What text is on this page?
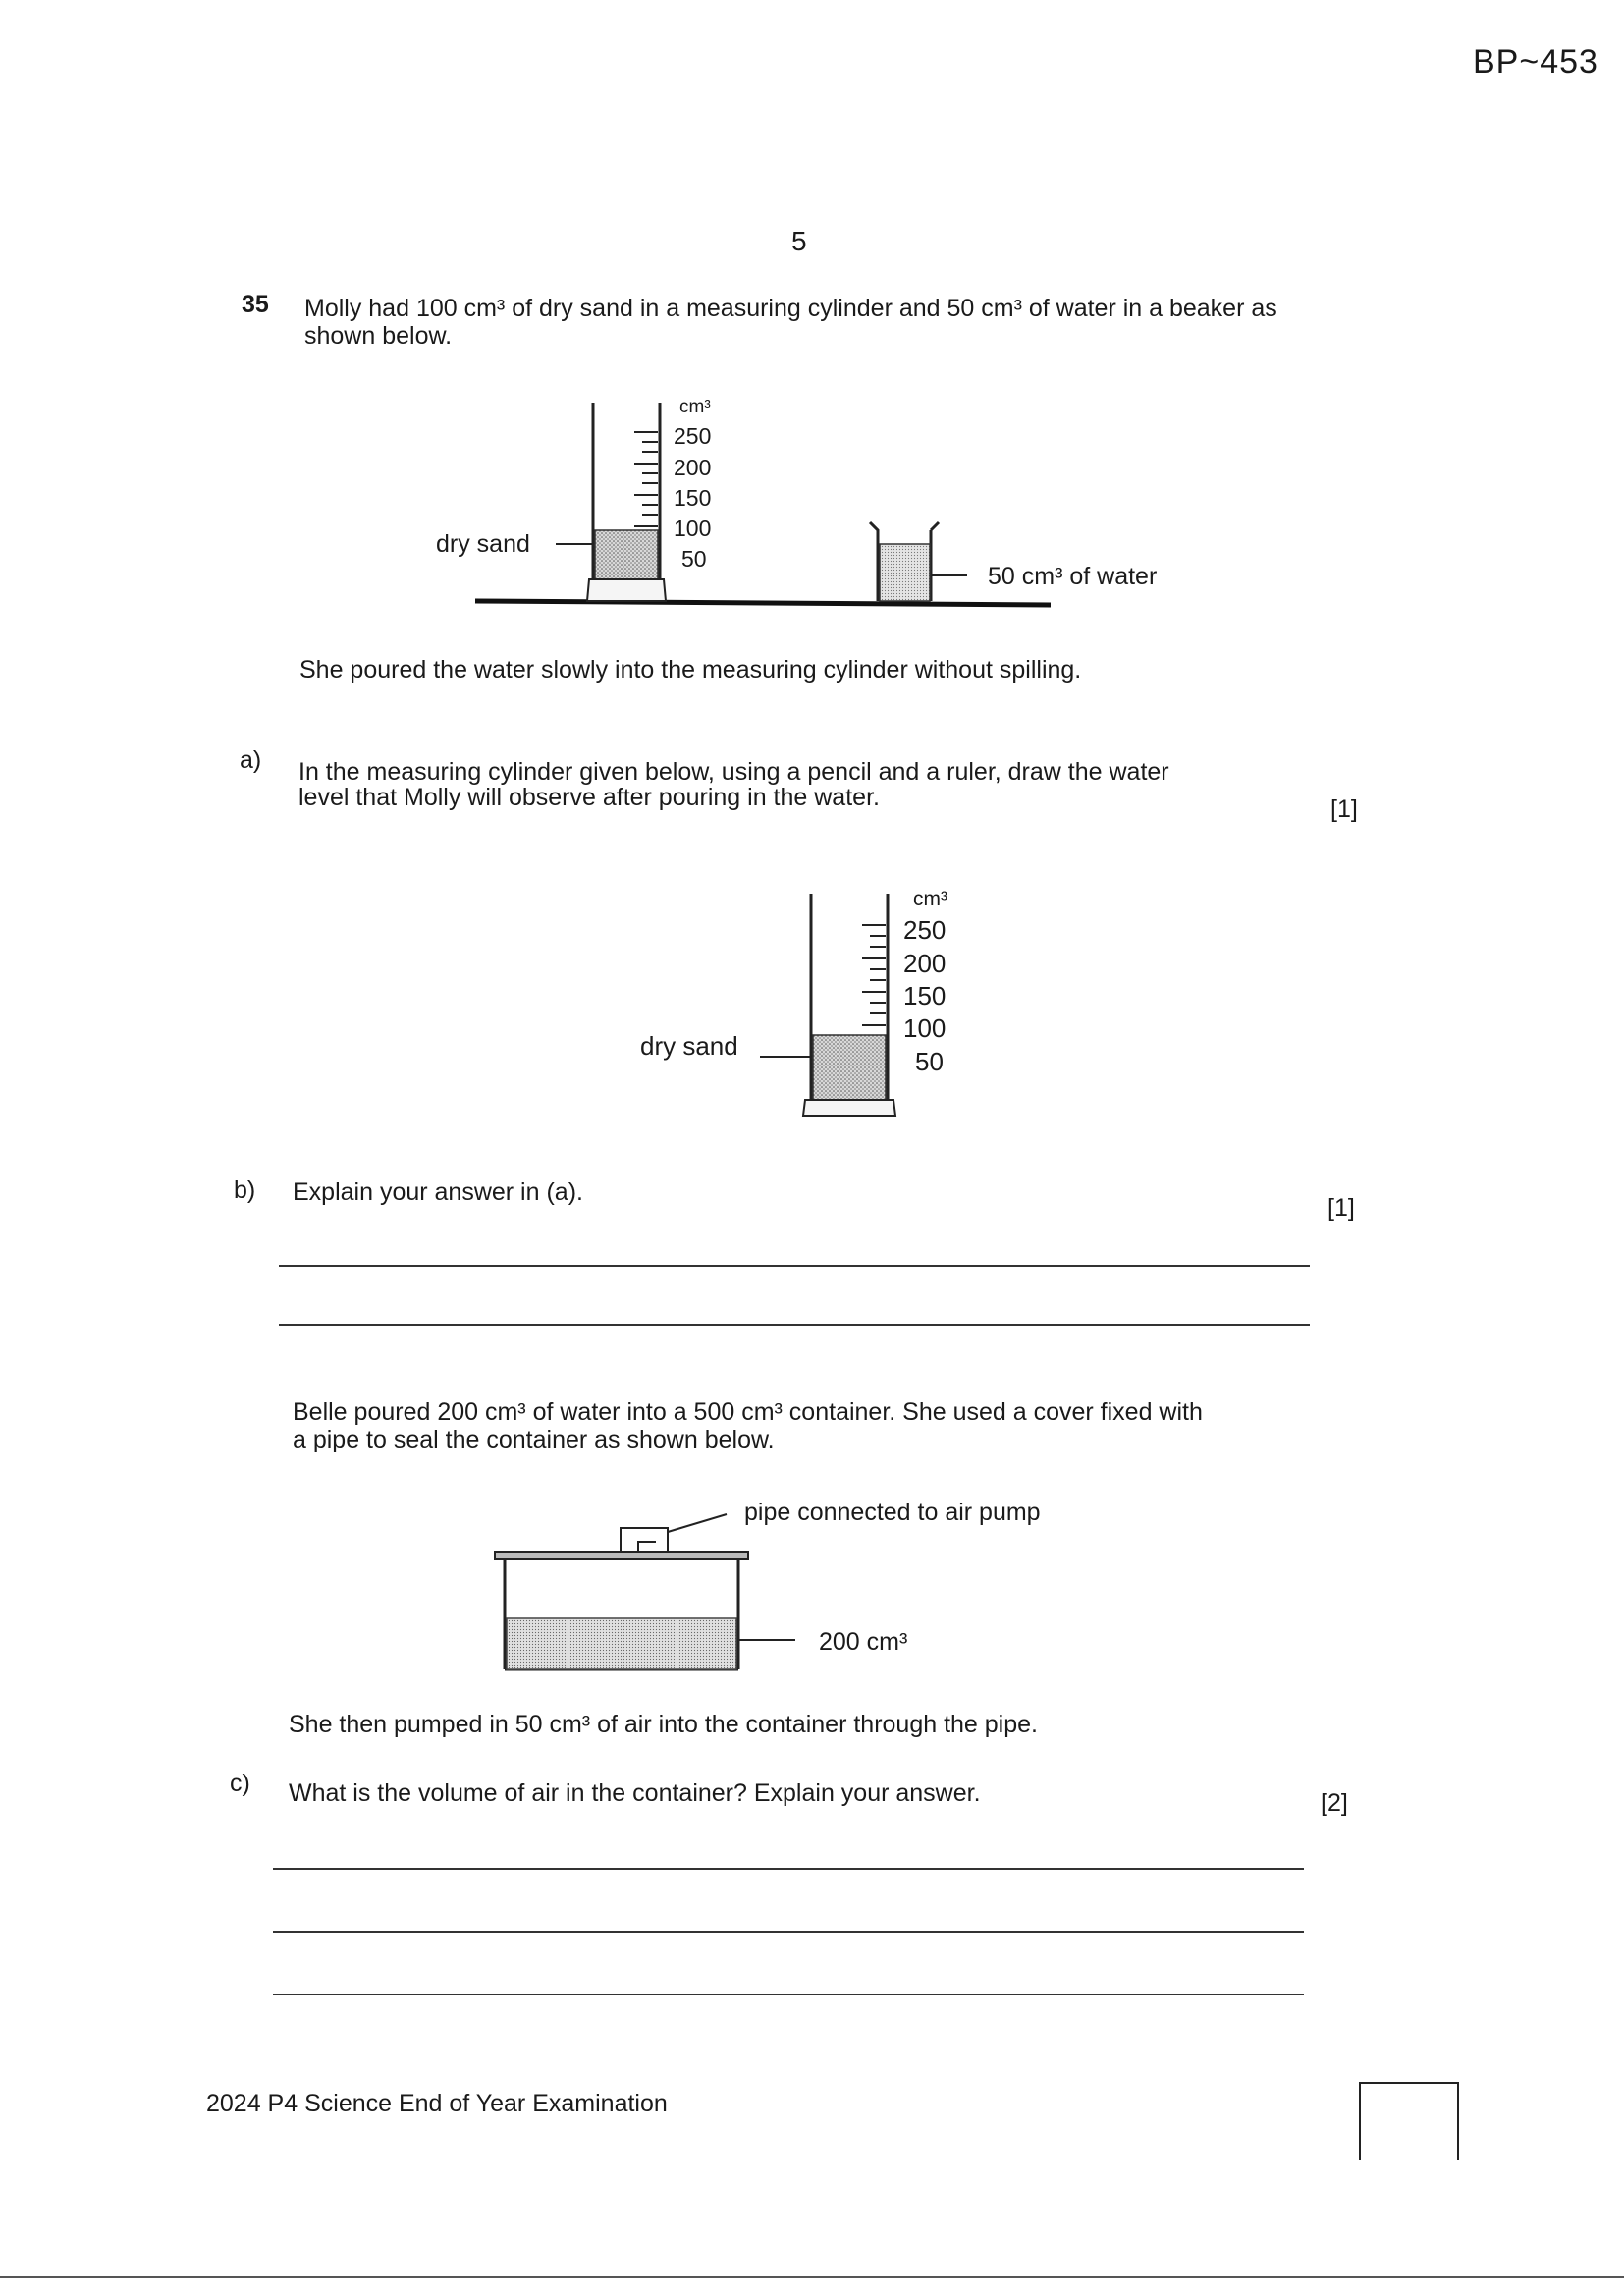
BP~453
5
35 Molly had 100 cm³ of dry sand in a measuring cylinder and 50 cm³ of water in a beaker as
shown below.
cm³
250
200
150
100
50
dry sand
50 cm³ of water
She poured the water slowly into the measuring cylinder without spilling.
a) In the measuring cylinder given below, using a pencil and a ruler, draw the water
level that Molly will observe after pouring in the water.	[1]
cm³
250
200
150
100
50
dry sand
b) Explain your answer in (a).
[1]
Belle poured 200 cm³ of water into a 500 cm³ container. She used a cover fixed with
a pipe to seal the container as shown below.
pipe connected to air pump
200 cm³
She then pumped in 50 cm³ of air into the container through the pipe.
c) What is the volume of air in the container? Explain your answer.	[2]
2024 P4 Science End of Year Examination
